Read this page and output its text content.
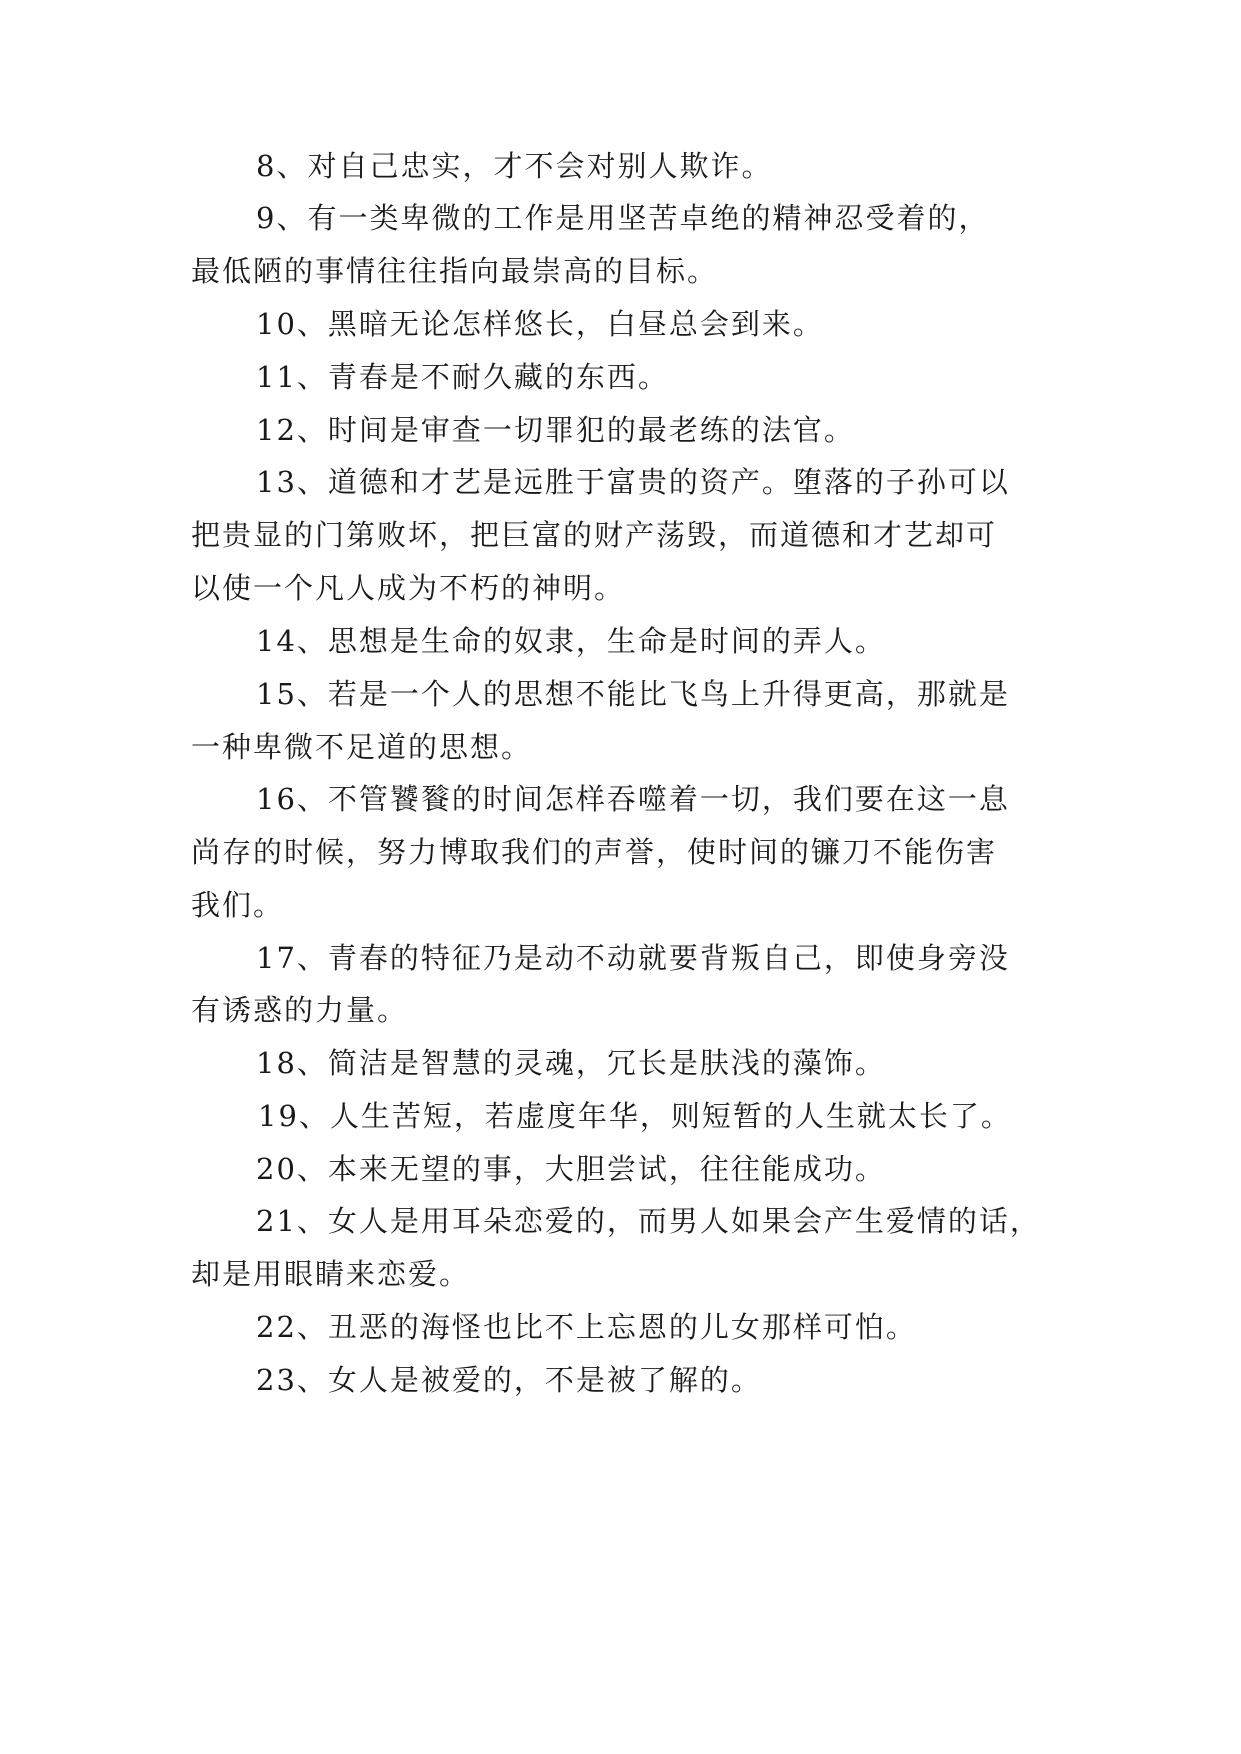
8、对自己忠实，才不会对别人欺诈。
9、有一类卑微的工作是用坚苦卓绝的精神忍受着的，
最低陋的事情往往指向最崇高的目标。
10、黑暗无论怎样悠长，白昼总会到来。
11、青春是不耐久藏的东西。
12、时间是审查一切罪犯的最老练的法官。
13、道德和才艺是远胜于富贵的资产。堕落的子孙可以
把贵显的门第败坏，把巨富的财产荡毁，而道德和才艺却可
以使一个凡人成为不朽的神明。
14、思想是生命的奴隶，生命是时间的弄人。
15、若是一个人的思想不能比飞鸟上升得更高，那就是
一种卑微不足道的思想。
16、不管饕餮的时间怎样吞噬着一切，我们要在这一息
尚存的时候，努力博取我们的声誉，使时间的镰刀不能伤害
我们。
17、青春的特征乃是动不动就要背叛自己，即使身旁没
有诱惑的力量。
18、简洁是智慧的灵魂，冗长是肤浅的藻饰。
19、人生苦短，若虚度年华，则短暂的人生就太长了。
20、本来无望的事，大胆尝试，往往能成功。
21、女人是用耳朵恋爱的，而男人如果会产生爱情的话，
却是用眼睛来恋爱。
22、丑恶的海怪也比不上忘恩的儿女那样可怕。
23、女人是被爱的，不是被了解的。
